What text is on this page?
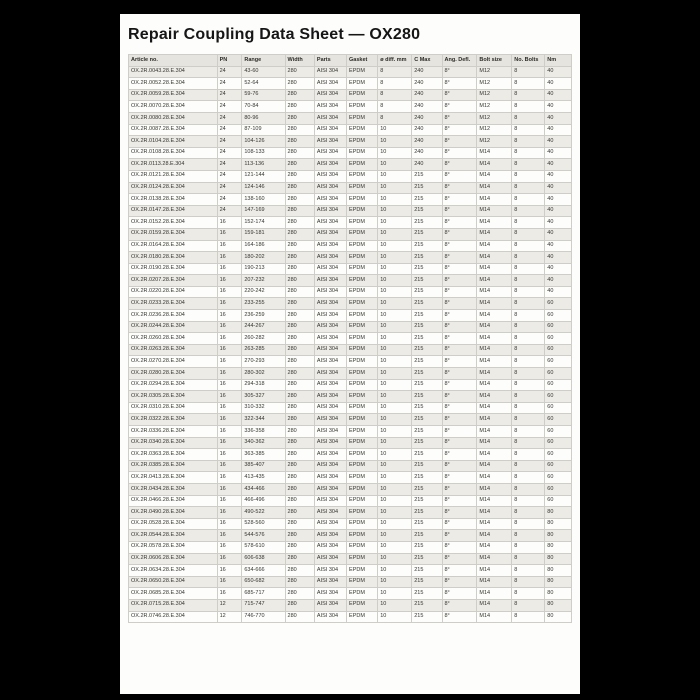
Repair Coupling Data Sheet — OX280
Article no.	PN	Range	Width	Parts	Gasket	ø diff. mm	C Max	Ang. Defl.	Bolt size	No. Bolts	Nm
OX.2R.0043.28.E.304	24	43-60	280	AISI 304	EPDM	8	240	8°	M12	8	40
OX.2R.0052.28.E.304	24	52-64	280	AISI 304	EPDM	8	240	8°	M12	8	40
OX.2R.0059.28.E.304	24	59-76	280	AISI 304	EPDM	8	240	8°	M12	8	40
OX.2R.0070.28.E.304	24	70-84	280	AISI 304	EPDM	8	240	8°	M12	8	40
OX.2R.0080.28.E.304	24	80-96	280	AISI 304	EPDM	8	240	8°	M12	8	40
OX.2R.0087.28.E.304	24	87-109	280	AISI 304	EPDM	10	240	8°	M12	8	40
OX.2R.0104.28.E.304	24	104-126	280	AISI 304	EPDM	10	240	8°	M12	8	40
OX.2R.0108.28.E.304	24	108-133	280	AISI 304	EPDM	10	240	8°	M14	8	40
OX.2R.0113.28.E.304	24	113-136	280	AISI 304	EPDM	10	240	8°	M14	8	40
OX.2R.0121.28.E.304	24	121-144	280	AISI 304	EPDM	10	215	8°	M14	8	40
OX.2R.0124.28.E.304	24	124-146	280	AISI 304	EPDM	10	215	8°	M14	8	40
OX.2R.0138.28.E.304	24	138-160	280	AISI 304	EPDM	10	215	8°	M14	8	40
OX.2R.0147.28.E.304	24	147-169	280	AISI 304	EPDM	10	215	8°	M14	8	40
OX.2R.0152.28.E.304	16	152-174	280	AISI 304	EPDM	10	215	8°	M14	8	40
OX.2R.0159.28.E.304	16	159-181	280	AISI 304	EPDM	10	215	8°	M14	8	40
OX.2R.0164.28.E.304	16	164-186	280	AISI 304	EPDM	10	215	8°	M14	8	40
OX.2R.0180.28.E.304	16	180-202	280	AISI 304	EPDM	10	215	8°	M14	8	40
OX.2R.0190.28.E.304	16	190-213	280	AISI 304	EPDM	10	215	8°	M14	8	40
OX.2R.0207.28.E.304	16	207-232	280	AISI 304	EPDM	10	215	8°	M14	8	40
OX.2R.0220.28.E.304	16	220-242	280	AISI 304	EPDM	10	215	8°	M14	8	40
OX.2R.0233.28.E.304	16	233-255	280	AISI 304	EPDM	10	215	8°	M14	8	60
OX.2R.0236.28.E.304	16	236-259	280	AISI 304	EPDM	10	215	8°	M14	8	60
OX.2R.0244.28.E.304	16	244-267	280	AISI 304	EPDM	10	215	8°	M14	8	60
OX.2R.0260.28.E.304	16	260-282	280	AISI 304	EPDM	10	215	8°	M14	8	60
OX.2R.0263.28.E.304	16	263-285	280	AISI 304	EPDM	10	215	8°	M14	8	60
OX.2R.0270.28.E.304	16	270-293	280	AISI 304	EPDM	10	215	8°	M14	8	60
OX.2R.0280.28.E.304	16	280-302	280	AISI 304	EPDM	10	215	8°	M14	8	60
OX.2R.0294.28.E.304	16	294-318	280	AISI 304	EPDM	10	215	8°	M14	8	60
OX.2R.0305.28.E.304	16	305-327	280	AISI 304	EPDM	10	215	8°	M14	8	60
OX.2R.0310.28.E.304	16	310-332	280	AISI 304	EPDM	10	215	8°	M14	8	60
OX.2R.0322.28.E.304	16	322-344	280	AISI 304	EPDM	10	215	8°	M14	8	60
OX.2R.0336.28.E.304	16	336-358	280	AISI 304	EPDM	10	215	8°	M14	8	60
OX.2R.0340.28.E.304	16	340-362	280	AISI 304	EPDM	10	215	8°	M14	8	60
OX.2R.0363.28.E.304	16	363-385	280	AISI 304	EPDM	10	215	8°	M14	8	60
OX.2R.0385.28.E.304	16	385-407	280	AISI 304	EPDM	10	215	8°	M14	8	60
OX.2R.0413.28.E.304	16	413-435	280	AISI 304	EPDM	10	215	8°	M14	8	60
OX.2R.0434.28.E.304	16	434-466	280	AISI 304	EPDM	10	215	8°	M14	8	60
OX.2R.0466.28.E.304	16	466-496	280	AISI 304	EPDM	10	215	8°	M14	8	60
OX.2R.0490.28.E.304	16	490-522	280	AISI 304	EPDM	10	215	8°	M14	8	80
OX.2R.0528.28.E.304	16	528-560	280	AISI 304	EPDM	10	215	8°	M14	8	80
OX.2R.0544.28.E.304	16	544-576	280	AISI 304	EPDM	10	215	8°	M14	8	80
OX.2R.0578.28.E.304	16	578-610	280	AISI 304	EPDM	10	215	8°	M14	8	80
OX.2R.0606.28.E.304	16	606-638	280	AISI 304	EPDM	10	215	8°	M14	8	80
OX.2R.0634.28.E.304	16	634-666	280	AISI 304	EPDM	10	215	8°	M14	8	80
OX.2R.0650.28.E.304	16	650-682	280	AISI 304	EPDM	10	215	8°	M14	8	80
OX.2R.0685.28.E.304	16	685-717	280	AISI 304	EPDM	10	215	8°	M14	8	80
OX.2R.0715.28.E.304	12	715-747	280	AISI 304	EPDM	10	215	8°	M14	8	80
OX.2R.0746.28.E.304	12	746-770	280	AISI 304	EPDM	10	215	8°	M14	8	80
